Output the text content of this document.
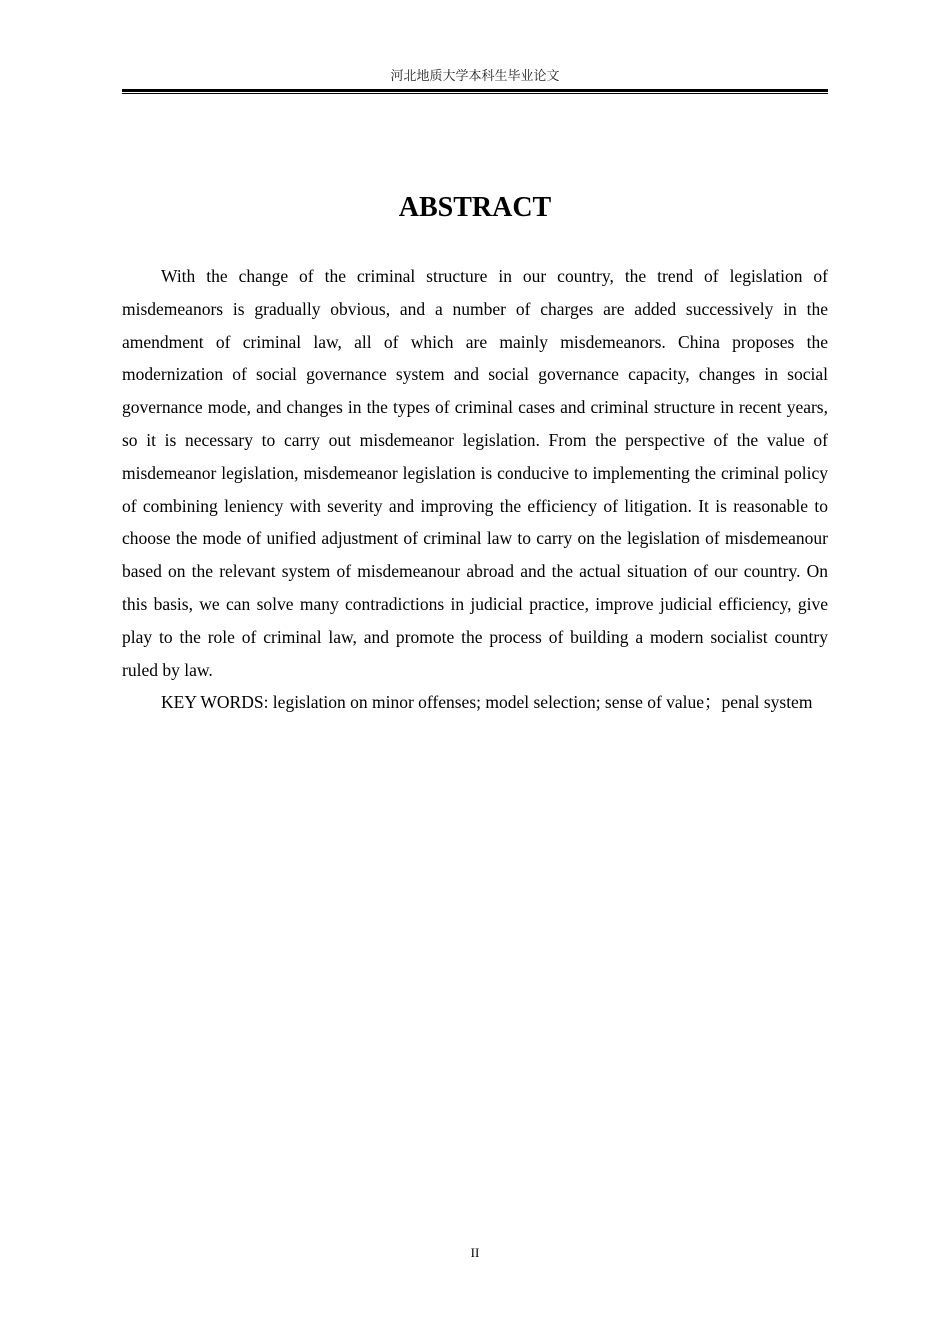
河北地质大学本科生毕业论文
ABSTRACT

With the change of the criminal structure in our country, the trend of legislation of misdemeanors is gradually obvious, and a number of charges are added successively in the amendment of criminal law, all of which are mainly misdemeanors. China proposes the modernization of social governance system and social governance capacity, changes in social governance mode, and changes in the types of criminal cases and criminal structure in recent years, so it is necessary to carry out misdemeanor legislation. From the perspective of the value of misdemeanor legislation, misdemeanor legislation is conducive to implementing the criminal policy of combining leniency with severity and improving the efficiency of litigation. It is reasonable to choose the mode of unified adjustment of criminal law to carry on the legislation of misdemeanour based on the relevant system of misdemeanour abroad and the actual situation of our country. On this basis, we can solve many contradictions in judicial practice, improve judicial efficiency, give play to the role of criminal law, and promote the process of building a modern socialist country ruled by law.

KEY WORDS: legislation on minor offenses; model selection; sense of value；penal system

II
